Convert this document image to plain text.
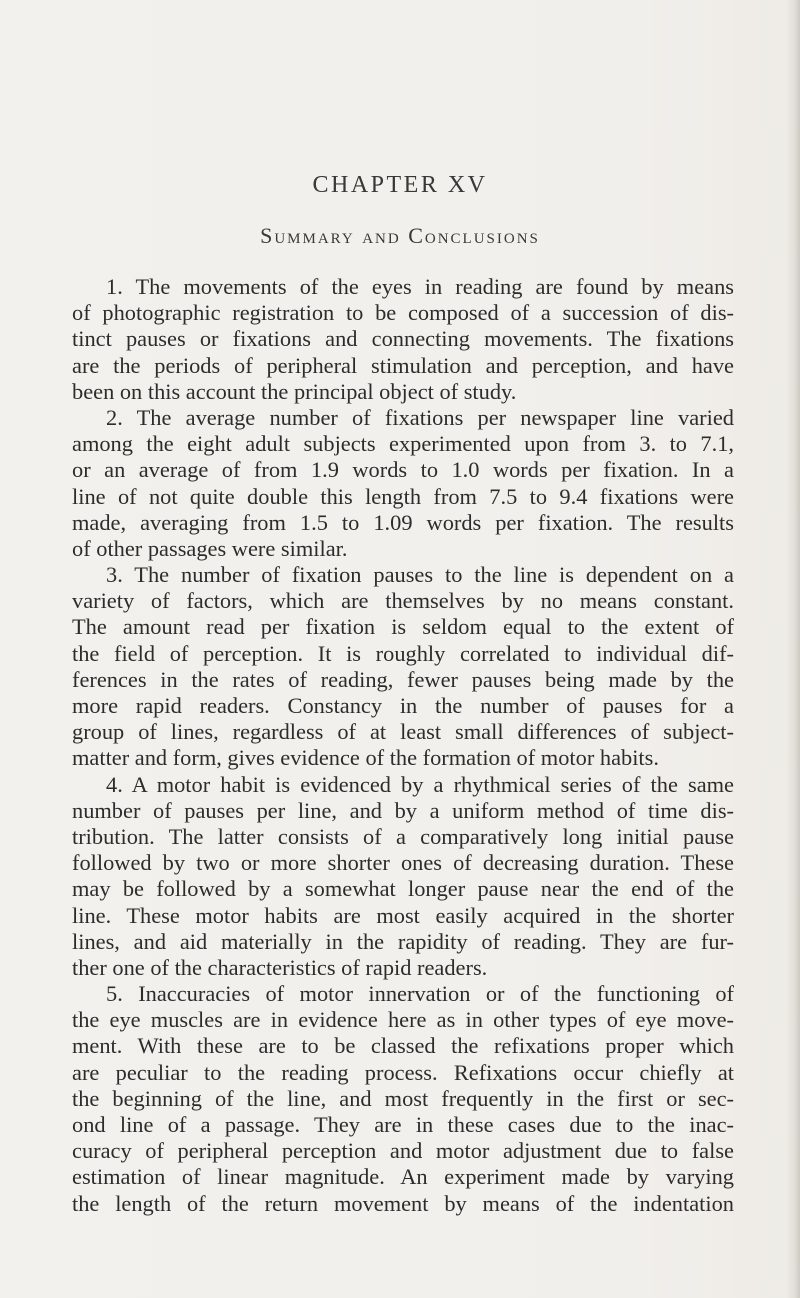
CHAPTER XV
Summary and Conclusions
1. The movements of the eyes in reading are found by means
of photographic registration to be composed of a succession of dis-
tinct pauses or fixations and connecting movements. The fixations
are the periods of peripheral stimulation and perception, and have
been on this account the principal object of study.
2. The average number of fixations per newspaper line varied
among the eight adult subjects experimented upon from 3. to 7.1,
or an average of from 1.9 words to 1.0 words per fixation. In a
line of not quite double this length from 7.5 to 9.4 fixations were
made, averaging from 1.5 to 1.09 words per fixation. The results
of other passages were similar.
3. The number of fixation pauses to the line is dependent on a
variety of factors, which are themselves by no means constant.
The amount read per fixation is seldom equal to the extent of
the field of perception. It is roughly correlated to individual dif-
ferences in the rates of reading, fewer pauses being made by the
more rapid readers. Constancy in the number of pauses for a
group of lines, regardless of at least small differences of subject-
matter and form, gives evidence of the formation of motor habits.
4. A motor habit is evidenced by a rhythmical series of the same
number of pauses per line, and by a uniform method of time dis-
tribution. The latter consists of a comparatively long initial pause
followed by two or more shorter ones of decreasing duration. These
may be followed by a somewhat longer pause near the end of the
line. These motor habits are most easily acquired in the shorter
lines, and aid materially in the rapidity of reading. They are fur-
ther one of the characteristics of rapid readers.
5. Inaccuracies of motor innervation or of the functioning of
the eye muscles are in evidence here as in other types of eye move-
ment. With these are to be classed the refixations proper which
are peculiar to the reading process. Refixations occur chiefly at
the beginning of the line, and most frequently in the first or sec-
ond line of a passage. They are in these cases due to the inac-
curacy of peripheral perception and motor adjustment due to false
estimation of linear magnitude. An experiment made by varying
the length of the return movement by means of the indentation
